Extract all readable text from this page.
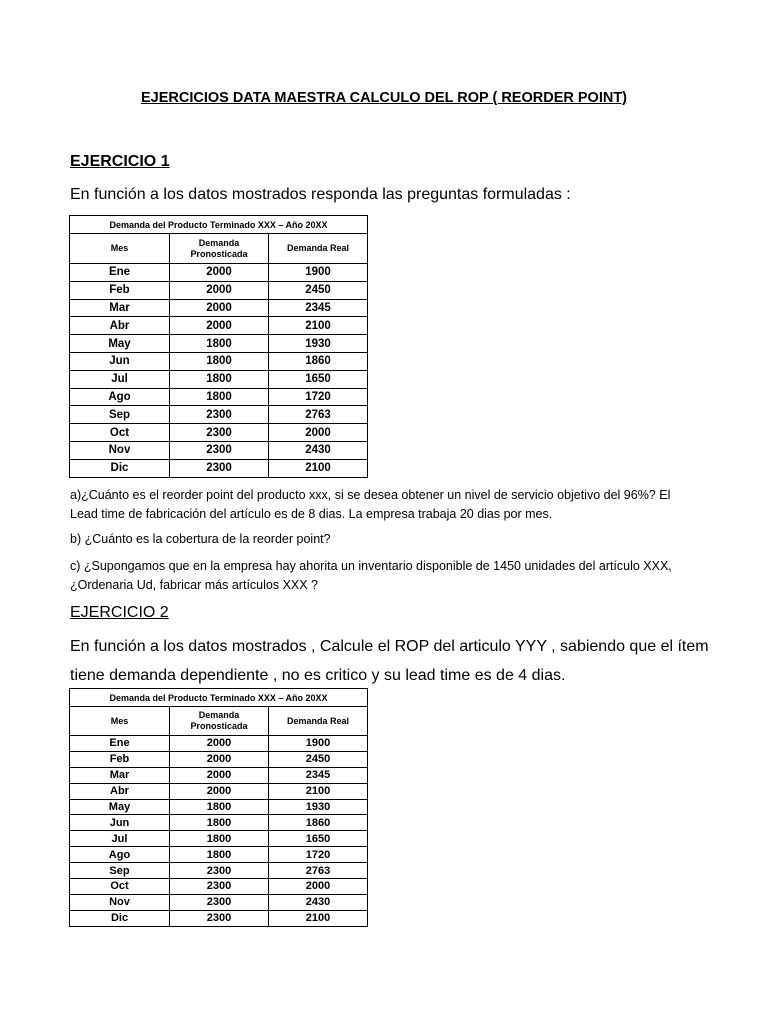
EJERCICIOS DATA MAESTRA CALCULO DEL ROP ( REORDER POINT)
EJERCICIO 1
En función a los datos mostrados responda las preguntas formuladas :
Demanda del Producto Terminado XXX – Año 20XX		
Mes	Demanda Pronosticada	Demanda Real
Ene	2000	1900
Feb	2000	2450
Mar	2000	2345
Abr	2000	2100
May	1800	1930
Jun	1800	1860
Jul	1800	1650
Ago	1800	1720
Sep	2300	2763
Oct	2300	2000
Nov	2300	2430
Dic	2300	2100
a)¿Cuánto es el reorder point del producto xxx, si se desea obtener un nivel de servicio objetivo del 96%? El Lead time de fabricación del artículo es de 8 dias. La empresa trabaja 20 dias por mes.
b) ¿Cuánto es la cobertura de la reorder point?
c) ¿Supongamos que en la empresa hay ahorita un inventario disponible de 1450 unidades del artículo XXX, ¿Ordenaria Ud, fabricar más artículos XXX ?
EJERCICIO 2
En función a los datos mostrados , Calcule el ROP del articulo YYY , sabiendo que el ítem tiene demanda dependiente , no es critico y su lead time es de 4 dias.
Demanda del Producto Terminado XXX – Año 20XX		
Mes	Demanda Pronosticada	Demanda Real
Ene	2000	1900
Feb	2000	2450
Mar	2000	2345
Abr	2000	2100
May	1800	1930
Jun	1800	1860
Jul	1800	1650
Ago	1800	1720
Sep	2300	2763
Oct	2300	2000
Nov	2300	2430
Dic	2300	2100
